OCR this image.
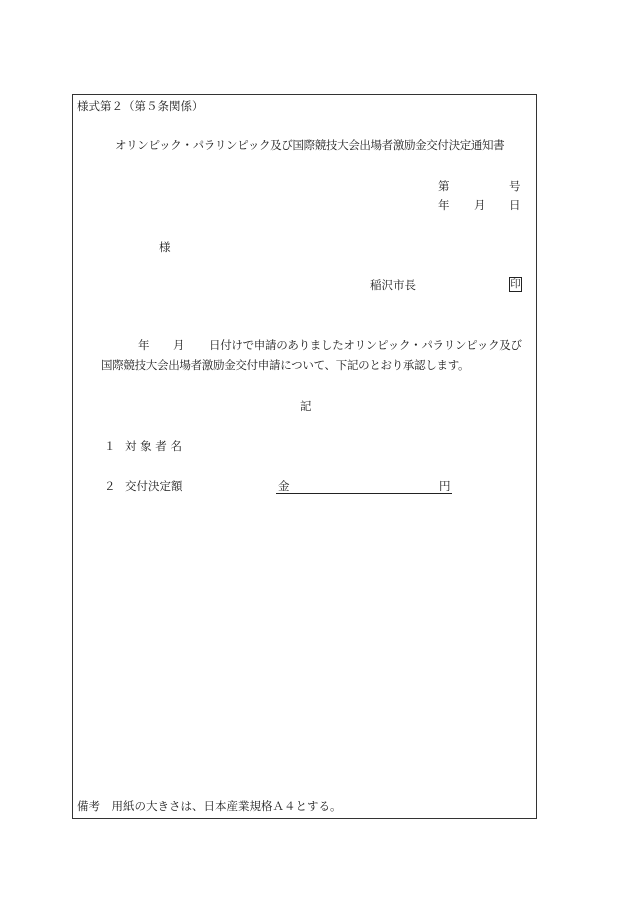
様式第２（第５条関係）
オリンピック・パラリンピック及び国際競技大会出場者激励金交付決定通知書
第	号
年 月 日
様
稲沢市長	印
年 月 日付けで申請のありましたオリンピック・パラリンピック及び
国際競技大会出場者激励金交付申請について、下記のとおり承認します。
記
１ 対 象 者 名
２ 交付決定額	金	円
備考　用紙の大きさは、日本産業規格Ａ４とする。
